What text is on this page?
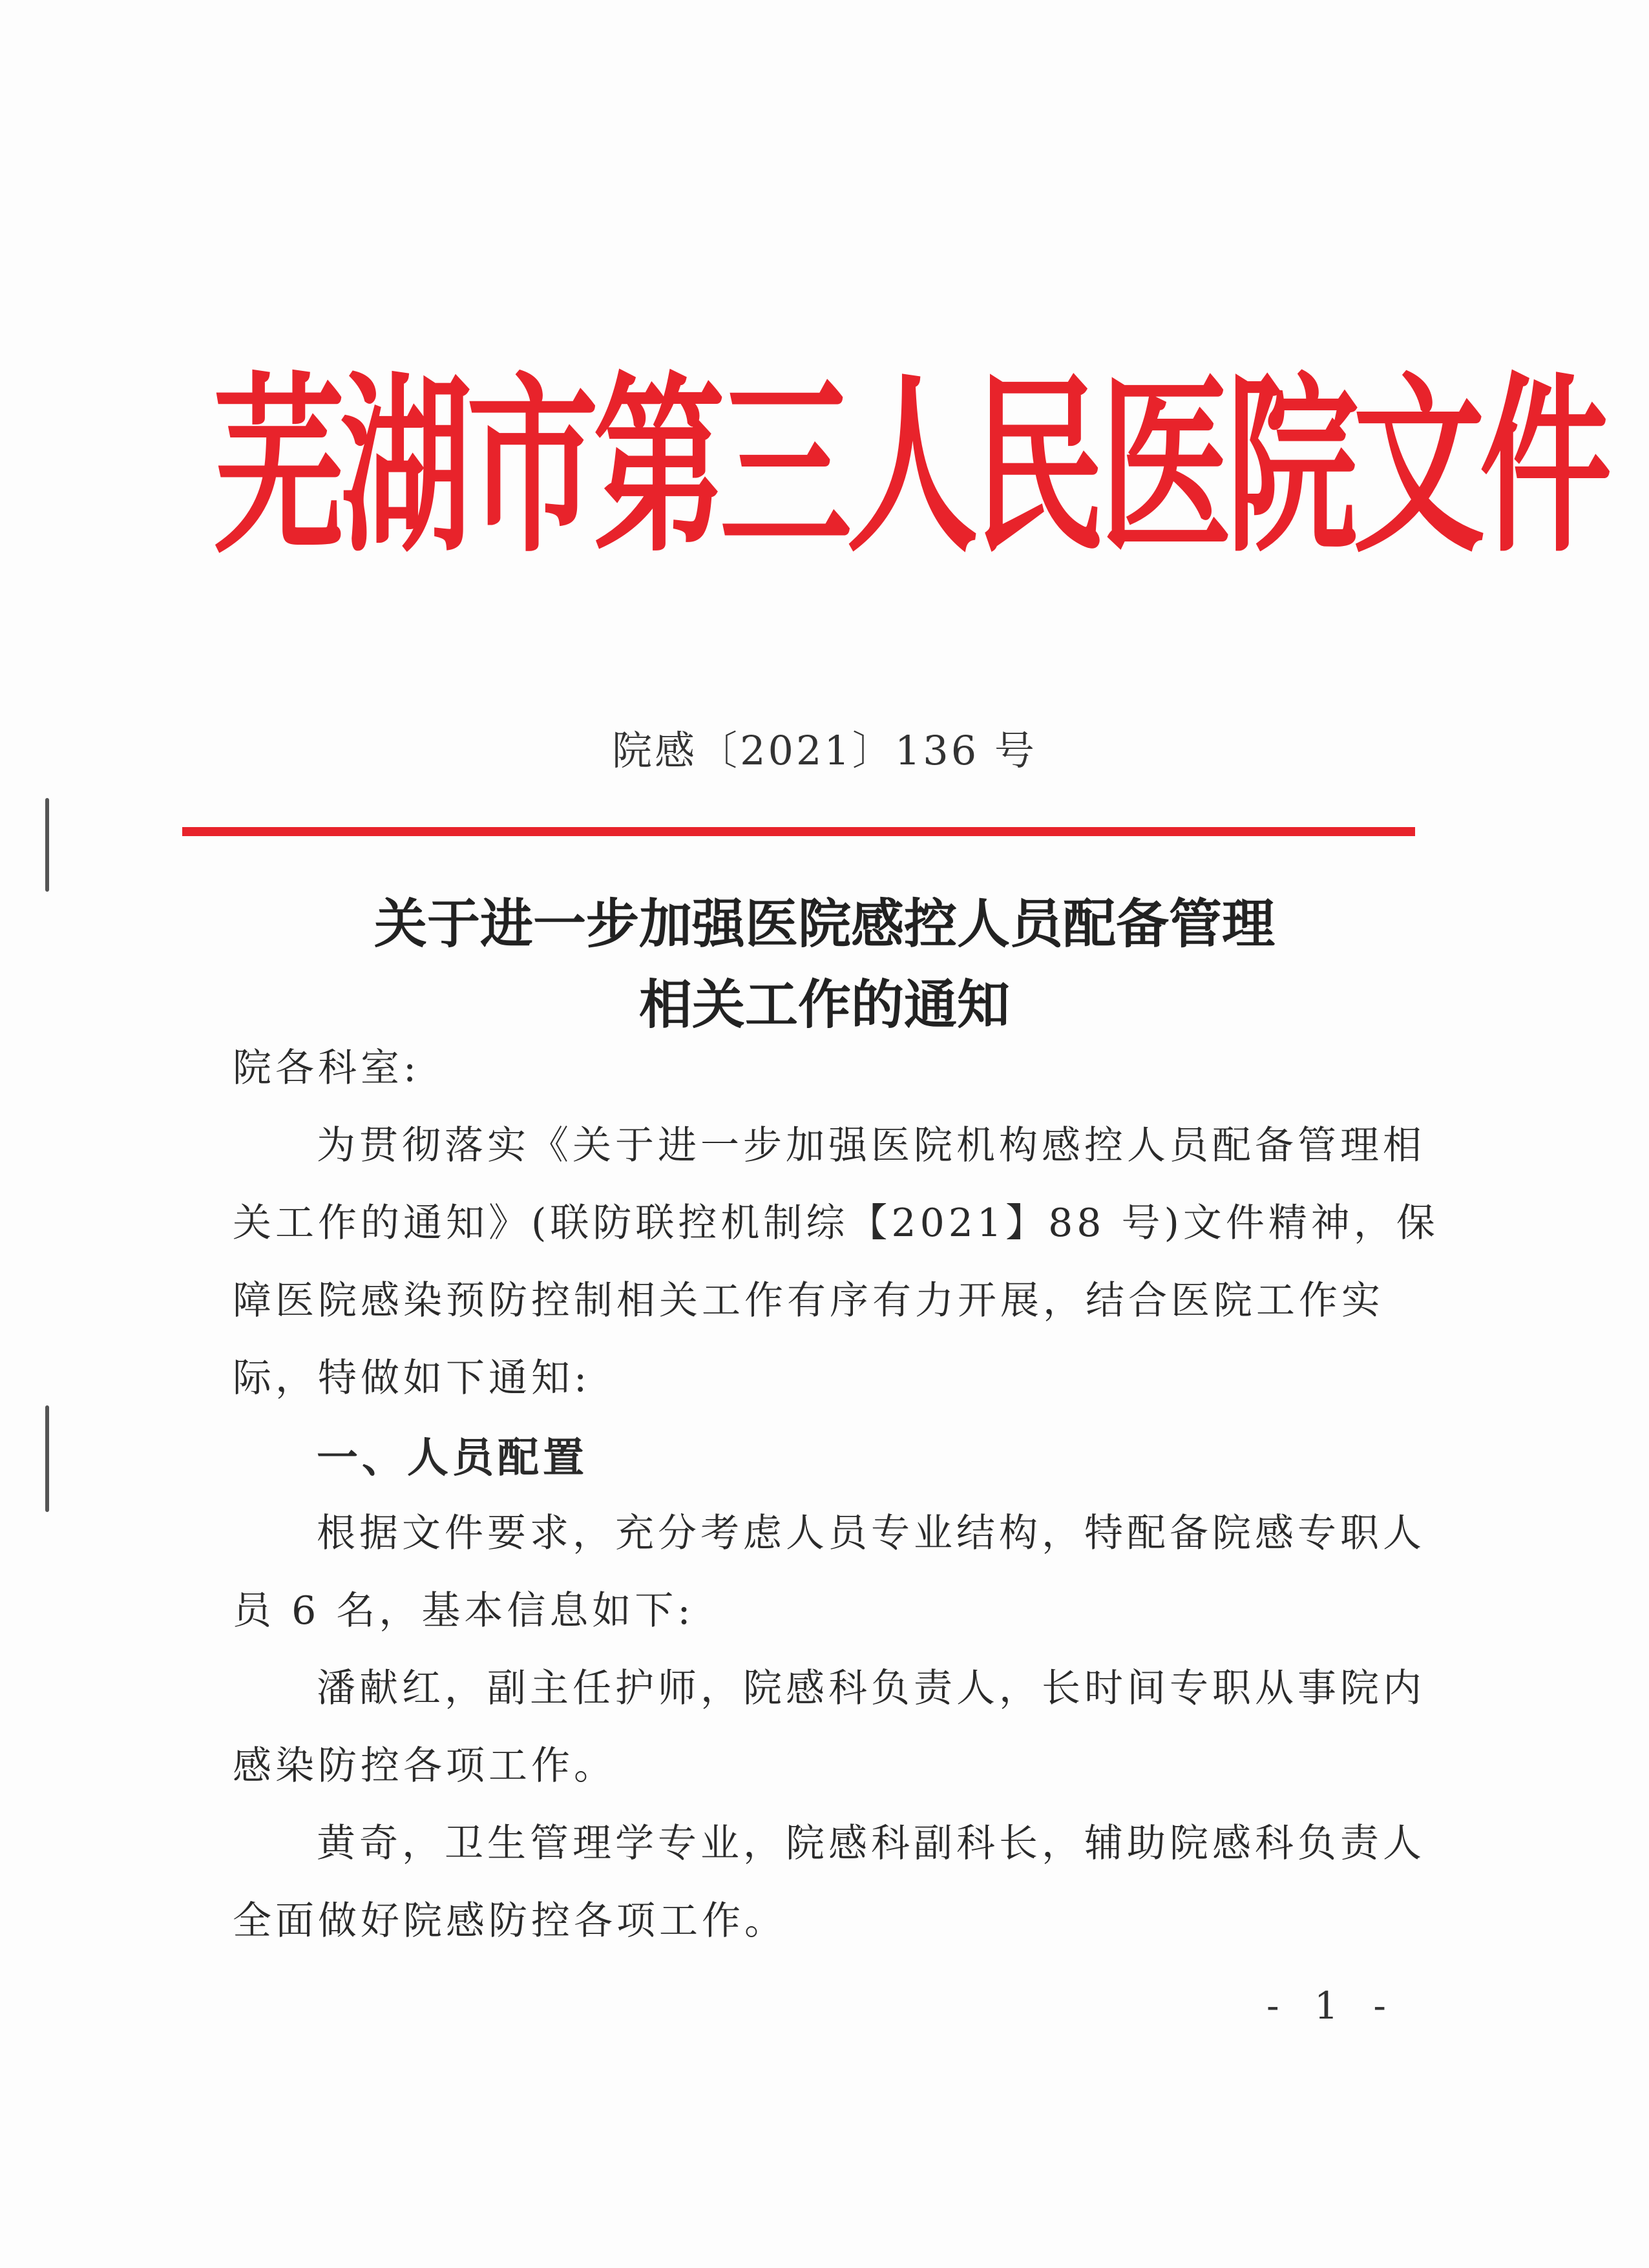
芜湖市第三人民医院文件
院感〔2021〕136 号
关于进一步加强医院感控人员配备管理
相关工作的通知
院各科室:
为贯彻落实《关于进一步加强医院机构感控人员配备管理相
关工作的通知》(联防联控机制综【2021】88 号)文件精神，保
障医院感染预防控制相关工作有序有力开展，结合医院工作实
际，特做如下通知:
一、人员配置
根据文件要求，充分考虑人员专业结构，特配备院感专职人
员 6 名，基本信息如下:
潘献红，副主任护师，院感科负责人，长时间专职从事院内
感染防控各项工作。
黄奇，卫生管理学专业，院感科副科长，辅助院感科负责人
全面做好院感防控各项工作。
- 1 -
